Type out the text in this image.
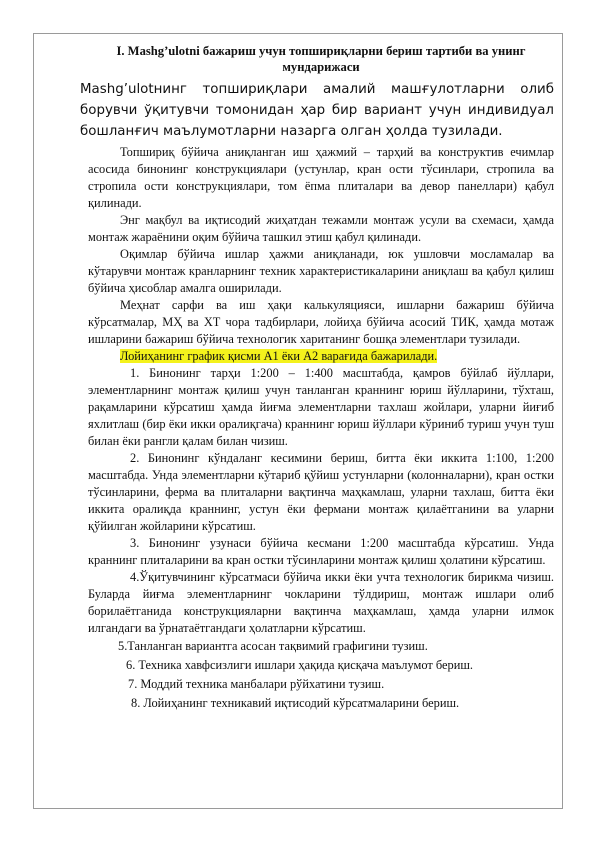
I. Mashg’ulotni бажариш учун топшириқларни бериш тартиби ва унинг мундарижаси

Mashg’ulotнинг топшириқлари амалий машғулотларни олиб борувчи ўқитувчи томонидан ҳар бир вариант учун индивидуал бошланғич маълумотларни назарга олган ҳолда тузилади.

Топшириқ бўйича аниқланган иш ҳажмий – тарҳий ва конструктив ечимлар асосида бинонинг конструкциялари (устунлар, кран ости тўсинлари, стропила ва стропила ости конструкциялари, том ёпма плиталари ва девор панеллари) қабул қилинади.

Энг мақбул ва иқтисодий жиҳатдан тежамли монтаж усули ва схемаси, ҳамда монтаж жараёнини оқим бўйича ташкил этиш қабул қилинади.

Оқимлар бўйича ишлар ҳажми аниқланади, юк ушловчи мосламалар ва кўтарувчи монтаж кранларнинг техник характеристикаларини аниқлаш ва қабул қилиш бўйича ҳисоблар амалга оширилади.

Меҳнат сарфи ва иш ҳақи калькуляцияси, ишларни бажариш бўйича кўрсатмалар, МҲ ва ХТ чора тадбирлари, лойиҳа бўйича асосий ТИК, ҳамда мотаж ишларини бажариш бўйича технологик хаританинг бошқа элементлари тузилади.

Лойиҳанинг график қисми А1 ёки А2 варағида бажарилади.

1. Бинонинг тарҳи 1:200 – 1:400 масштабда, қамров бўйлаб йўллари, элементларнинг монтаж қилиш учун танланган краннинг юриш йўлларини, тўхташ, рақамларини кўрсатиш ҳамда йиғма элементларни тахлаш жойлари, уларни йиғиб яхлитлаш (бир ёки икки оралиқгача) краннинг юриш йўллари кўриниб туриш учун туш билан ёки рангли қалам билан чизиш.

2. Бинонинг кўндаланг кесимини бериш, битта ёки иккита 1:100, 1:200 масштабда. Унда элементларни кўтариб қўйиш устунларни (колонналарни), кран остки тўсинларини, ферма ва плиталарни вақтинча маҳкамлаш, уларни тахлаш, битта ёки иккита оралиқда краннинг, устун ёки фермани монтаж қилаётганини ва уларни қўйилган жойларини кўрсатиш.

3. Бинонинг узунаси бўйича кесмани 1:200 масштабда кўрсатиш. Унда краннинг плиталарини ва кран остки тўсинларини монтаж қилиш ҳолатини кўрсатиш.

4.Ўқитувчининг кўрсатмаси бўйича икки ёки учта технологик бирикма чизиш. Буларда йиғма элементларнинг чокларини тўлдириш, монтаж ишлари олиб борилаётганида конструкцияларни вақтинча маҳкамлаш, ҳамда уларни илмок илгандаги ва ўрнатаётгандаги ҳолатларни кўрсатиш.

5.Танланган вариантга асосан тақвимий графигини тузиш.

6. Техника хавфсизлиги ишлари ҳақида қисқача маълумот бериш.

7. Моддий техника манбалари рўйхатини тузиш.

8. Лойиҳанинг техникавий иқтисодий кўрсатмаларини бериш.
